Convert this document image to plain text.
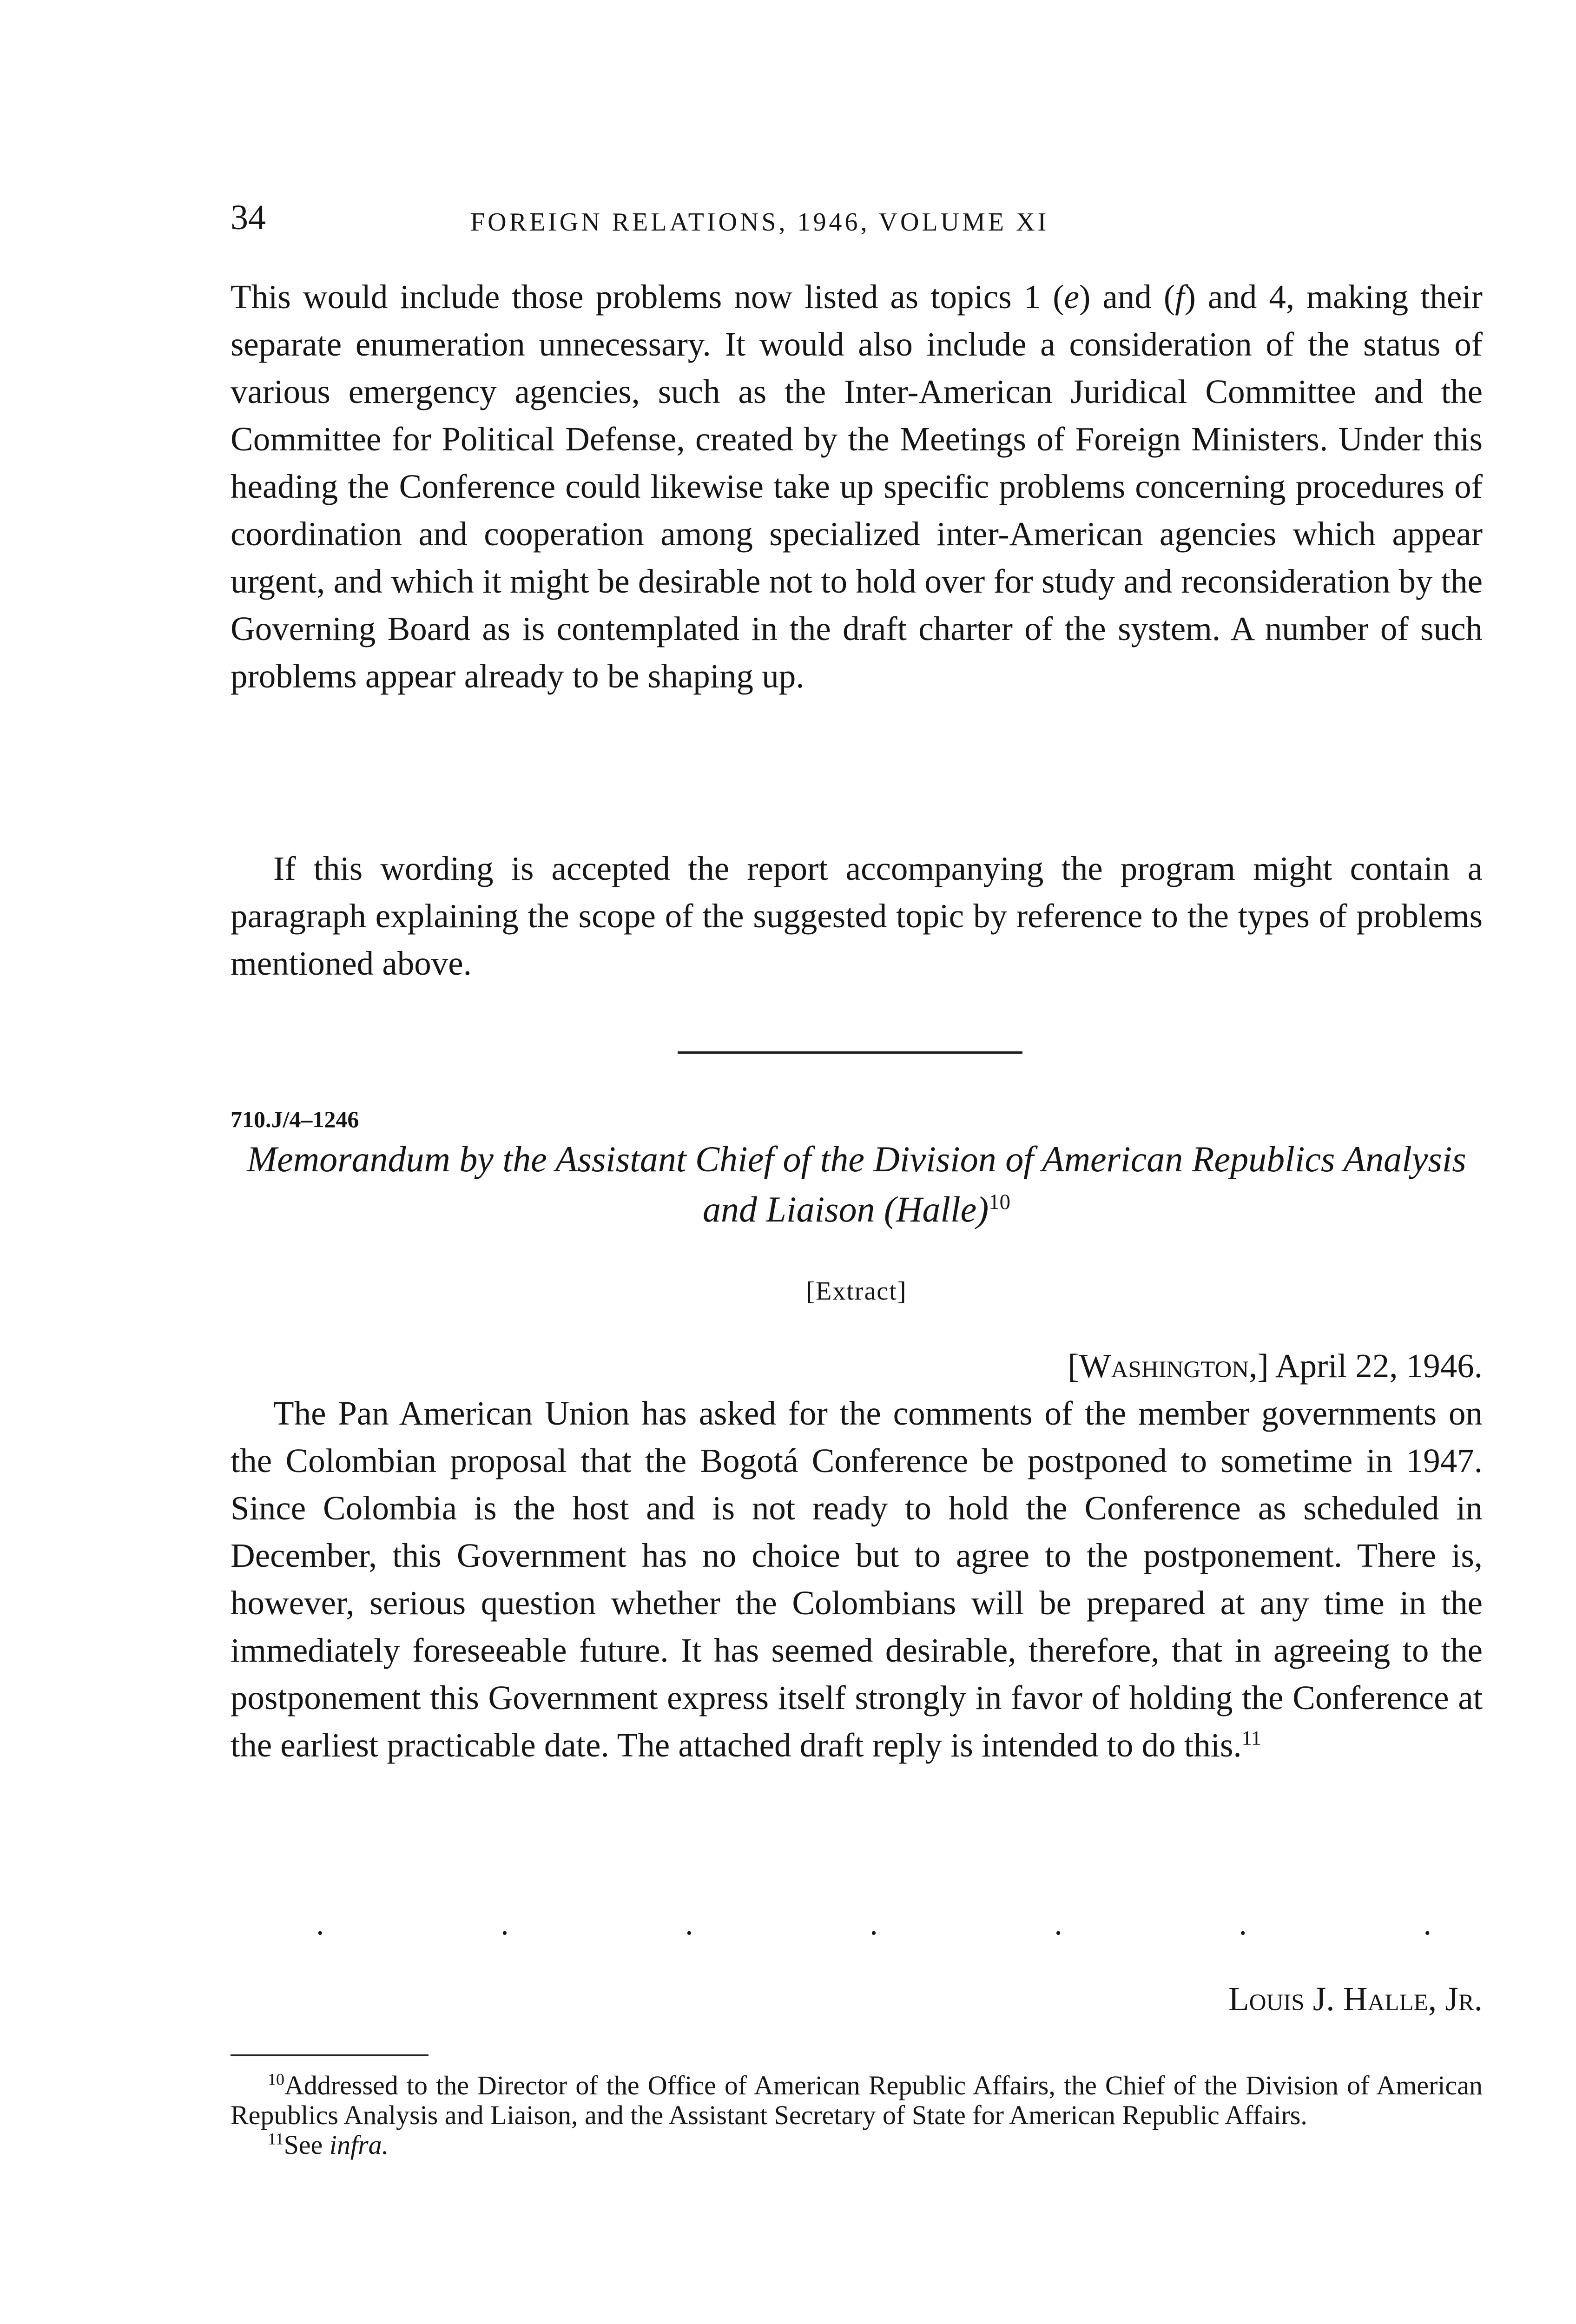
34	FOREIGN RELATIONS, 1946, VOLUME XI

This would include those problems now listed as topics 1 (e) and (f) and 4, making their separate enumeration unnecessary. It would also include a consideration of the status of various emergency agencies, such as the Inter-American Juridical Committee and the Committee for Political Defense, created by the Meetings of Foreign Ministers. Under this heading the Conference could likewise take up specific problems concerning procedures of coordination and cooperation among specialized inter-American agencies which appear urgent, and which it might be desirable not to hold over for study and reconsideration by the Governing Board as is contemplated in the draft charter of the system. A number of such problems appear already to be shaping up.

If this wording is accepted the report accompanying the program might contain a paragraph explaining the scope of the suggested topic by reference to the types of problems mentioned above.

710.J/4–1246
Memorandum by the Assistant Chief of the Division of American Republics Analysis and Liaison (Halle)$^{10}$
[Extract]
[Washington,] April 22, 1946.

The Pan American Union has asked for the comments of the member governments on the Colombian proposal that the Bogotá Conference be postponed to sometime in 1947. Since Colombia is the host and is not ready to hold the Conference as scheduled in December, this Government has no choice but to agree to the postponement. There is, however, serious question whether the Colombians will be prepared at any time in the immediately foreseeable future. It has seemed desirable, therefore, that in agreeing to the postponement this Government express itself strongly in favor of holding the Conference at the earliest practicable date. The attached draft reply is intended to do this.$^{11}$

.	.	.	.	.	.	.
Louis J. Halle, Jr.

$^{10}$Addressed to the Director of the Office of American Republic Affairs, the Chief of the Division of American Republics Analysis and Liaison, and the Assistant Secretary of State for American Republic Affairs.

$^{11}$See infra.
